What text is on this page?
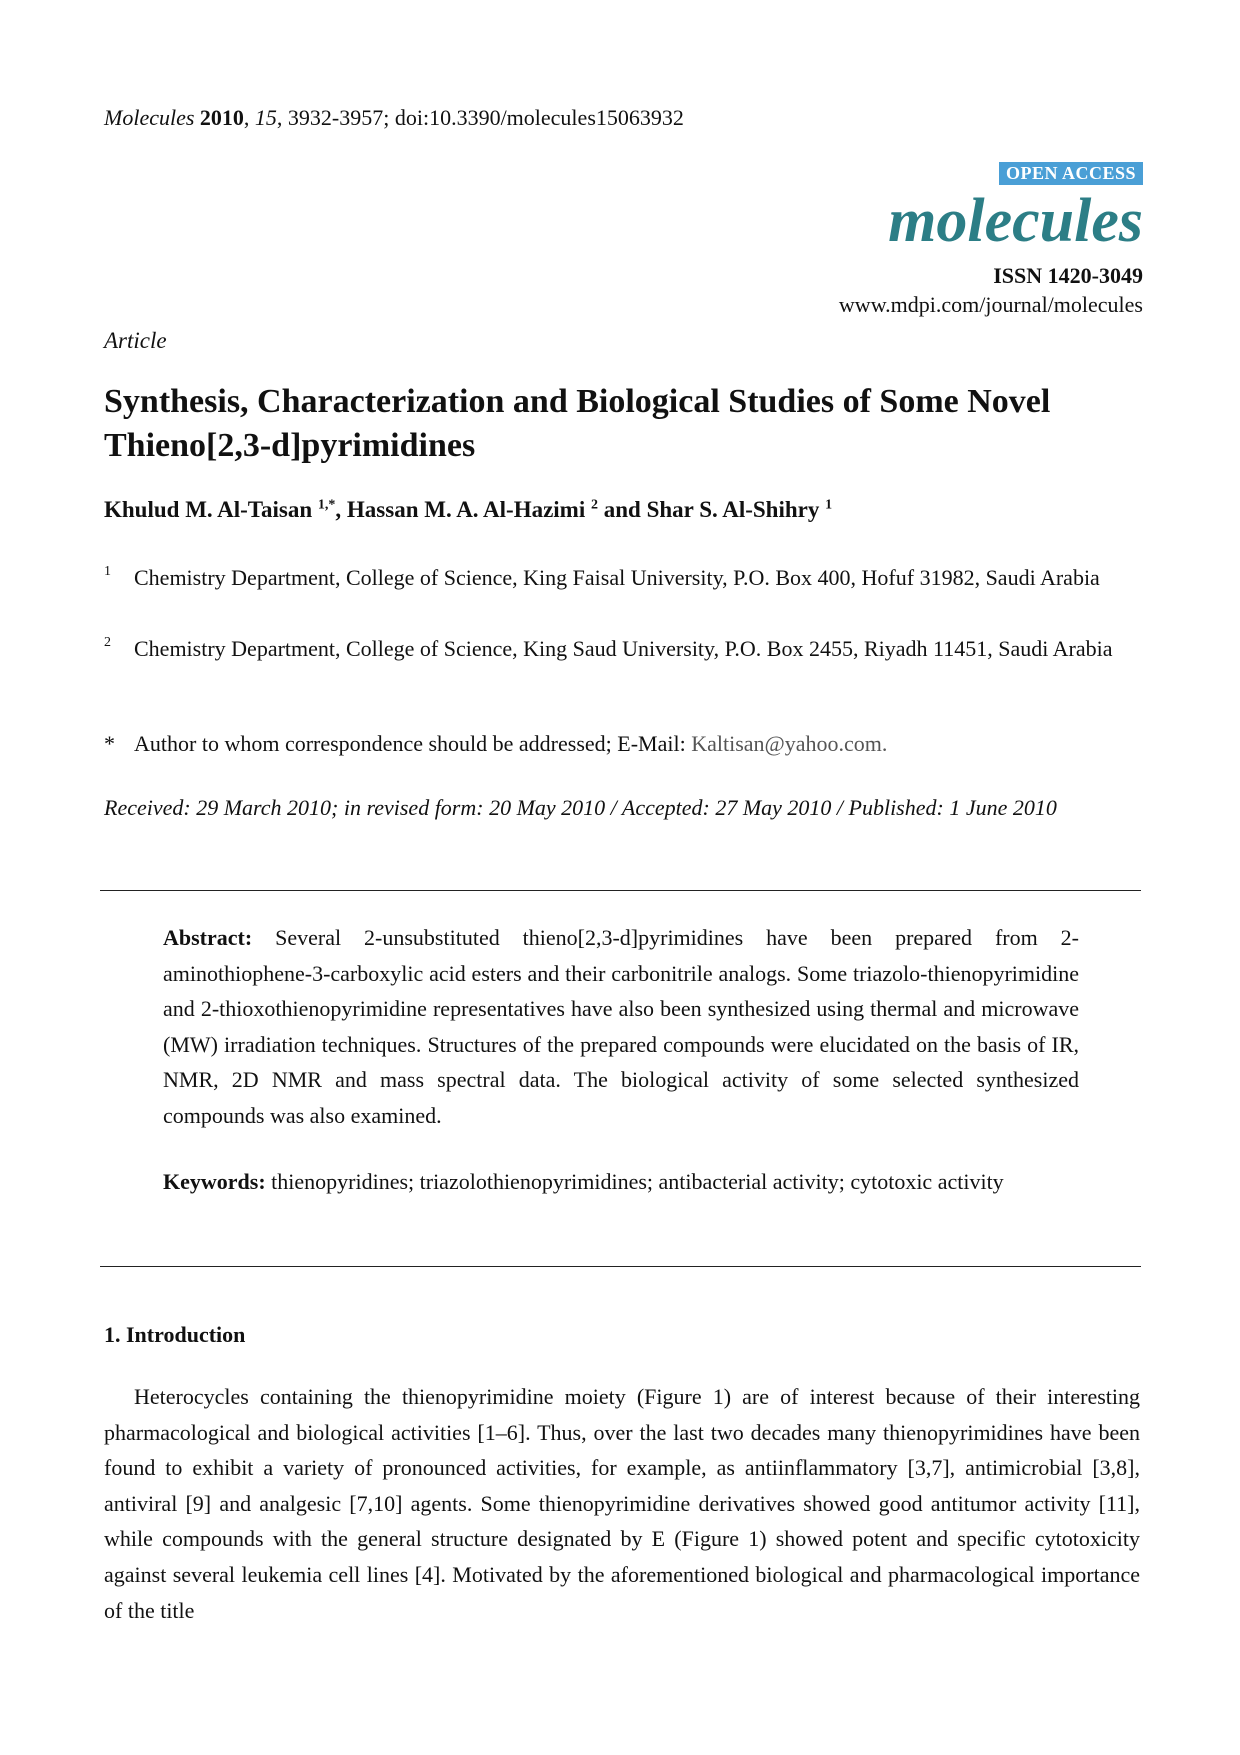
Molecules 2010, 15, 3932-3957; doi:10.3390/molecules15063932
OPEN ACCESS
molecules
ISSN 1420-3049
www.mdpi.com/journal/molecules
Article
Synthesis, Characterization and Biological Studies of Some Novel Thieno[2,3-d]pyrimidines
Khulud M. Al-Taisan $^{1,*}$, Hassan M. A. Al-Hazimi $^2$ and Shar S. Al-Shihry $^1$
1 Chemistry Department, College of Science, King Faisal University, P.O. Box 400, Hofuf 31982, Saudi Arabia
2 Chemistry Department, College of Science, King Saud University, P.O. Box 2455, Riyadh 11451, Saudi Arabia
* Author to whom correspondence should be addressed; E-Mail: Kaltisan@yahoo.com.
Received: 29 March 2010; in revised form: 20 May 2010 / Accepted: 27 May 2010 / Published: 1 June 2010
Abstract: Several 2-unsubstituted thieno[2,3-d]pyrimidines have been prepared from 2-aminothiophene-3-carboxylic acid esters and their carbonitrile analogs. Some triazolo-thienopyrimidine and 2-thioxothienopyrimidine representatives have also been synthesized using thermal and microwave (MW) irradiation techniques. Structures of the prepared compounds were elucidated on the basis of IR, NMR, 2D NMR and mass spectral data. The biological activity of some selected synthesized compounds was also examined.
Keywords: thienopyridines; triazolothienopyrimidines; antibacterial activity; cytotoxic activity
1. Introduction

Heterocycles containing the thienopyrimidine moiety (Figure 1) are of interest because of their interesting pharmacological and biological activities [1–6]. Thus, over the last two decades many thienopyrimidines have been found to exhibit a variety of pronounced activities, for example, as antiinflammatory [3,7], antimicrobial [3,8], antiviral [9] and analgesic [7,10] agents. Some thienopyrimidine derivatives showed good antitumor activity [11], while compounds with the general structure designated by E (Figure 1) showed potent and specific cytotoxicity against several leukemia cell lines [4]. Motivated by the aforementioned biological and pharmacological importance of the title
